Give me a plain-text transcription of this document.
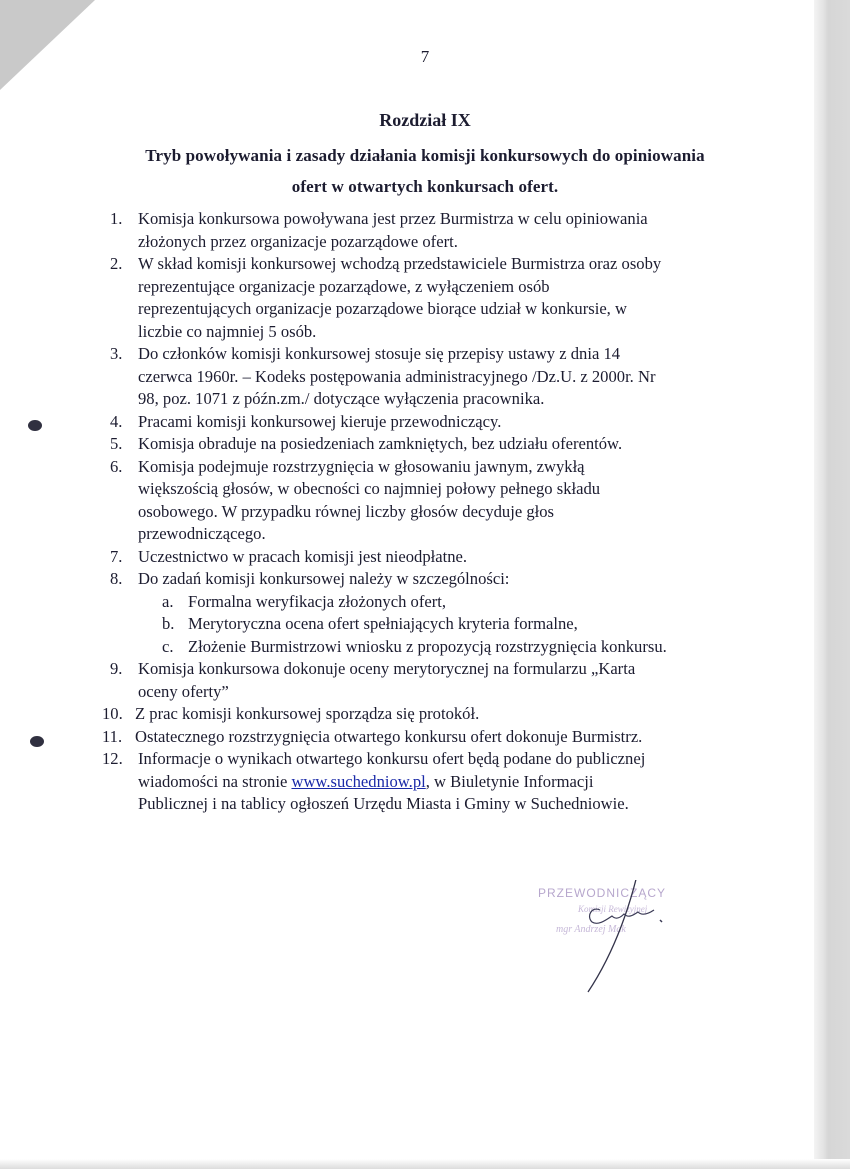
7
Rozdział IX
Tryb powoływania i zasady działania komisji konkursowych do opiniowania
ofert w otwartych konkursach ofert.
1. Komisja konkursowa powoływana jest przez Burmistrza w celu opiniowania
złożonych przez organizacje pozarządowe ofert.
2. W skład komisji konkursowej wchodzą przedstawiciele Burmistrza oraz osoby
reprezentujące organizacje pozarządowe, z wyłączeniem osób
reprezentujących organizacje pozarządowe biorące udział w konkursie, w
liczbie co najmniej 5 osób.
3. Do członków komisji konkursowej stosuje się przepisy ustawy z dnia 14
czerwca 1960r. – Kodeks postępowania administracyjnego /Dz.U. z 2000r. Nr
98, poz. 1071 z późn.zm./ dotyczące wyłączenia pracownika.
4. Pracami komisji konkursowej kieruje przewodniczący.
5. Komisja obraduje na posiedzeniach zamkniętych, bez udziału oferentów.
6. Komisja podejmuje rozstrzygnięcia w głosowaniu jawnym, zwykłą
większością głosów, w obecności co najmniej połowy pełnego składu
osobowego. W przypadku równej liczby głosów decyduje głos
przewodniczącego.
7. Uczestnictwo w pracach komisji jest nieodpłatne.
8. Do zadań komisji konkursowej należy w szczególności:
a. Formalna weryfikacja złożonych ofert,
b. Merytoryczna ocena ofert spełniających kryteria formalne,
c. Złożenie Burmistrzowi wniosku z propozycją rozstrzygnięcia konkursu.
9. Komisja konkursowa dokonuje oceny merytorycznej na formularzu „Karta
oceny oferty”
10. Z prac komisji konkursowej sporządza się protokół.
11. Ostatecznego rozstrzygnięcia otwartego konkursu ofert dokonuje Burmistrz.
12. Informacje o wynikach otwartego konkursu ofert będą podane do publicznej
wiadomości na stronie www.suchedniow.pl, w Biuletynie Informacji
Publicznej i na tablicy ogłoszeń Urzędu Miasta i Gminy w Suchedniowie.
PRZEWODNICZĄCY
Komisji Rewizyjnej
mgr Andrzej Mak
